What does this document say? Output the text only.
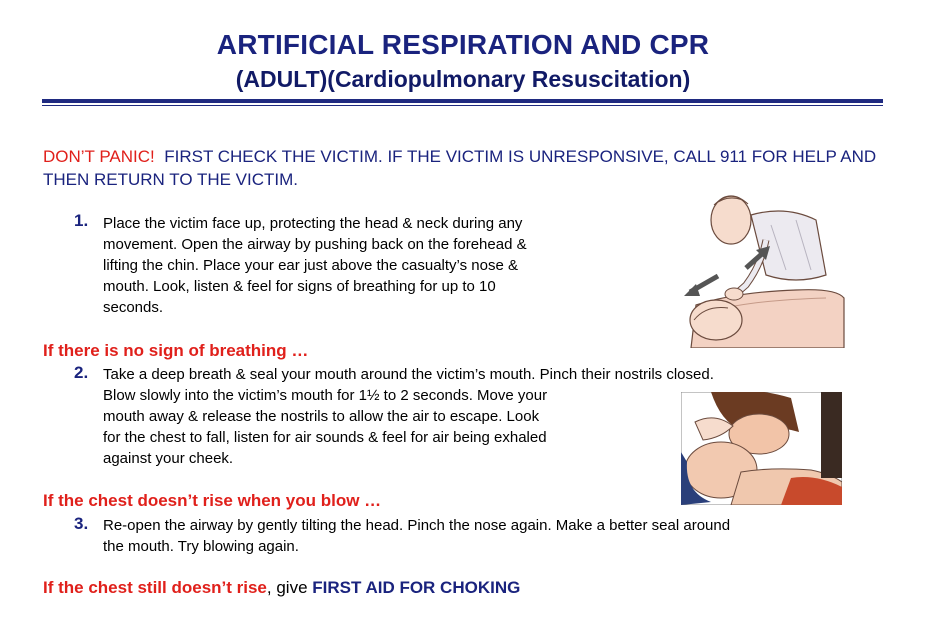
ARTIFICIAL RESPIRATION AND CPR
(ADULT)(Cardiopulmonary Resuscitation)
DON’T PANIC! FIRST CHECK THE VICTIM. IF THE VICTIM IS UNRESPONSIVE, CALL 911 FOR HELP AND THEN RETURN TO THE VICTIM.
1. Place the victim face up, protecting the head & neck during any
movement. Open the airway by pushing back on the forehead &
lifting the chin. Place your ear just above the casualty’s nose &
mouth. Look, listen & feel for signs of breathing for up to 10
seconds.
If there is no sign of breathing …
2. Take a deep breath & seal your mouth around the victim’s mouth. Pinch their nostrils closed.
Blow slowly into the victim’s mouth for 1½ to 2 seconds. Move your
mouth away & release the nostrils to allow the air to escape. Look
for the chest to fall, listen for air sounds & feel for air being exhaled
against your cheek.
If the chest doesn’t rise when you blow …
3. Re-open the airway by gently tilting the head. Pinch the nose again. Make a better seal around
the mouth. Try blowing again.
If the chest still doesn’t rise, give FIRST AID FOR CHOKING
